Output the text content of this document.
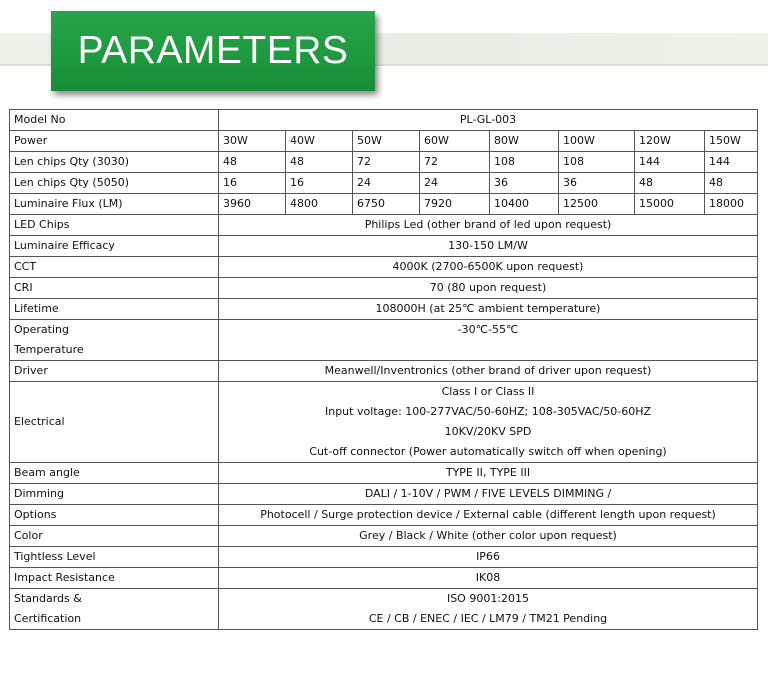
PARAMETERS
Model No	PL-GL-003							
Power	30W	40W	50W	60W	80W	100W	120W	150W
Len chips Qty (3030)	48	48	72	72	108	108	144	144
Len chips Qty (5050)	16	16	24	24	36	36	48	48
Luminaire Flux (LM)	3960	4800	6750	7920	10400	12500	15000	18000
LED Chips	Philips Led (other brand of led upon request)							
Luminaire Efficacy	130-150 LM/W							
CCT	4000K (2700-6500K upon request)							
CRI	70 (80 upon request)							
Lifetime	108000H (at 25℃ ambient temperature)							

Operating
Temperature	-30℃-55℃							

Driver	Meanwell/Inventronics (other brand of driver upon request)							
Electrical	Class I or Class II
Input voltage: 100-277VAC/50-60HZ; 108-305VAC/50-60HZ
10KV/20KV SPD
Cut-off connector (Power automatically switch off when opening)							

Beam angle	TYPE II, TYPE III							
Dimming	DALI / 1-10V / PWM / FIVE LEVELS DIMMING /							
Options	Photocell / Surge protection device / External cable (different length upon request)							
Color	Grey / Black / White (other color upon request)							
Tightless Level	IP66							
Impact Resistance	IK08							

Standards &
Certification	ISO 9001:2015
CE / CB / ENEC / IEC / LM79 / TM21 Pending							
